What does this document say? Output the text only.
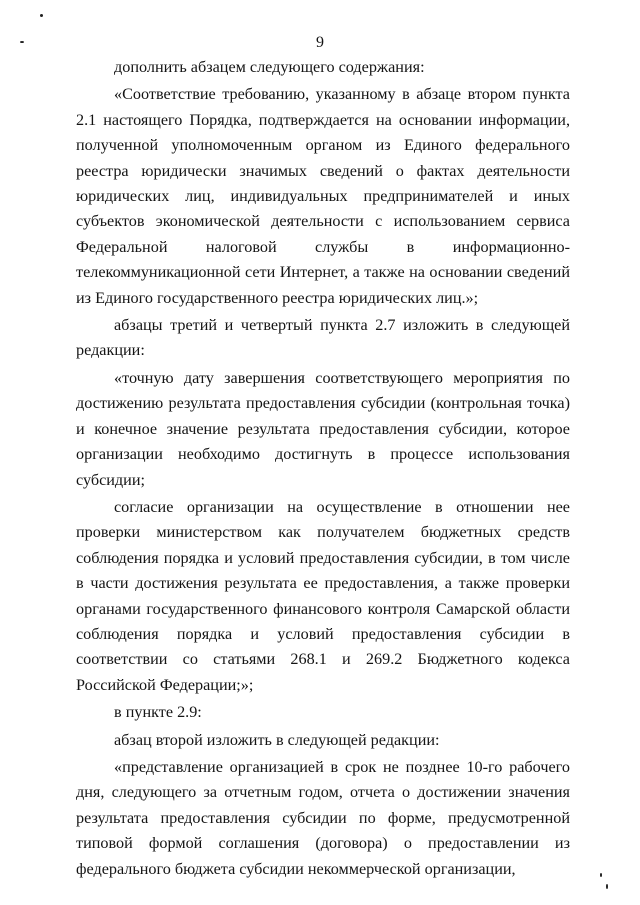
9

дополнить абзацем следующего содержания:

«Соответствие требованию, указанному в абзаце втором пункта 2.1 настоящего Порядка, подтверждается на основании информации, полученной уполномоченным органом из Единого федерального реестра юридически значимых сведений о фактах деятельности юридических лиц, индивидуальных предпринимателей и иных субъектов экономической деятельности с использованием сервиса Федеральной налоговой службы в информационно-телекоммуникационной сети Интернет, а также на основании сведений из Единого государственного реестра юридических лиц.»;

абзацы третий и четвертый пункта 2.7 изложить в следующей редакции:

«точную дату завершения соответствующего мероприятия по достижению результата предоставления субсидии (контрольная точка) и конечное значение результата предоставления субсидии, которое организации необходимо достигнуть в процессе использования субсидии;

согласие организации на осуществление в отношении нее проверки министерством как получателем бюджетных средств соблюдения порядка и условий предоставления субсидии, в том числе в части достижения результата ее предоставления, а также проверки органами государственного финансового контроля Самарской области соблюдения порядка и условий предоставления субсидии в соответствии со статьями 268.1 и 269.2 Бюджетного кодекса Российской Федерации;»;

в пункте 2.9:

абзац второй изложить в следующей редакции:

«представление организацией в срок не позднее 10-го рабочего дня, следующего за отчетным годом, отчета о достижении значения результата предоставления субсидии по форме, предусмотренной типовой формой соглашения (договора) о предоставлении из федерального бюджета субсидии некоммерческой организации,
